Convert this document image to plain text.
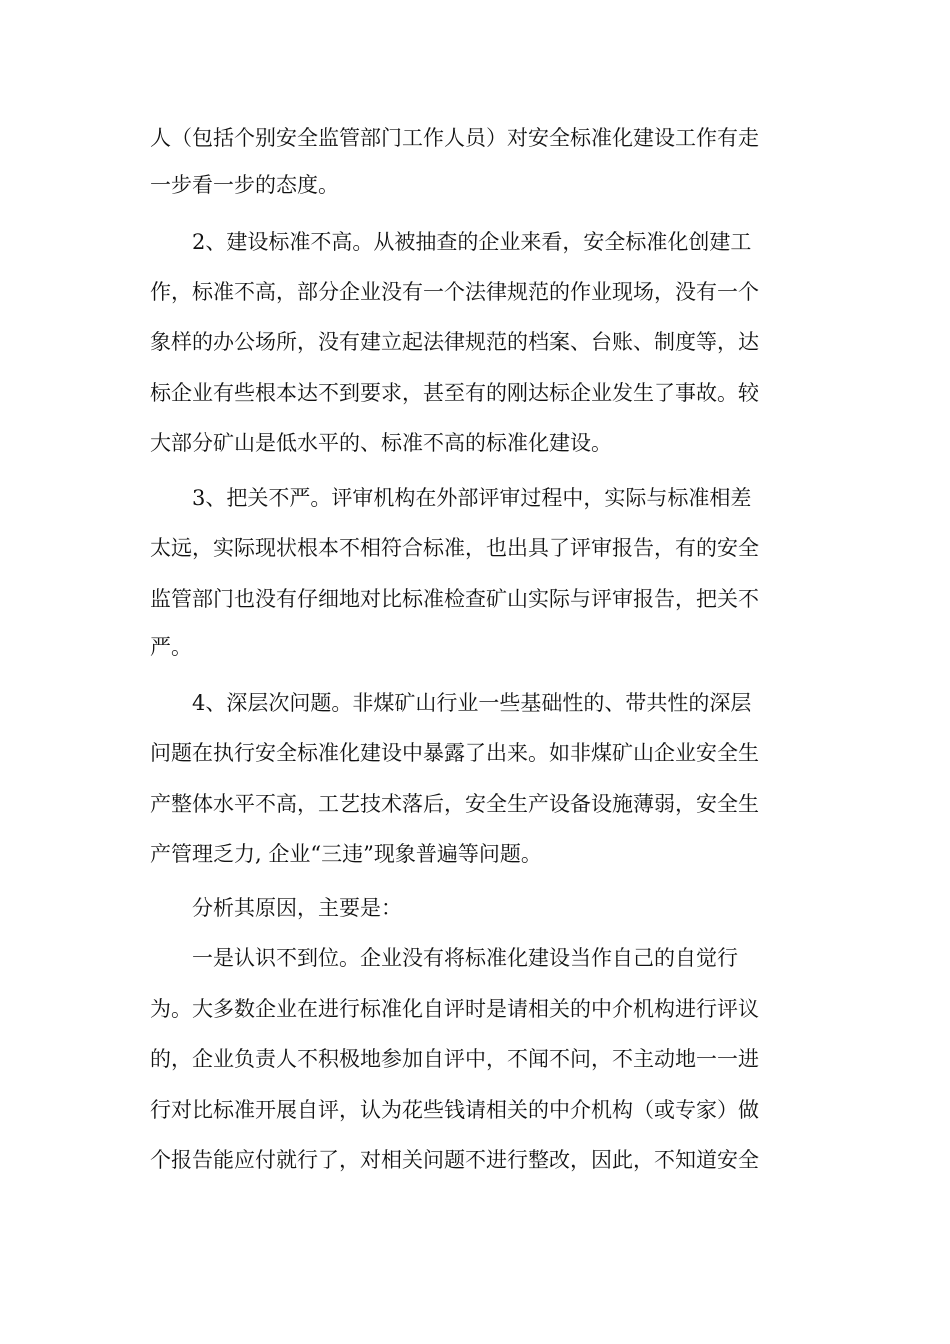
人（包括个别安全监管部门工作人员）对安全标准化建设工作有走
一步看一步的态度。
2、建设标准不高。从被抽查的企业来看，安全标准化创建工
作，标准不高，部分企业没有一个法律规范的作业现场，没有一个
象样的办公场所，没有建立起法律规范的档案、台账、制度等，达
标企业有些根本达不到要求，甚至有的刚达标企业发生了事故。较
大部分矿山是低水平的、标准不高的标准化建设。
3、把关不严。评审机构在外部评审过程中，实际与标准相差
太远，实际现状根本不相符合标准，也出具了评审报告，有的安全
监管部门也没有仔细地对比标准检查矿山实际与评审报告，把关不
严。
4、深层次问题。非煤矿山行业一些基础性的、带共性的深层
问题在执行安全标准化建设中暴露了出来。如非煤矿山企业安全生
产整体水平不高，工艺技术落后，安全生产设备设施薄弱，安全生
产管理乏力, 企业“三违”现象普遍等问题。
分析其原因，主要是：
一是认识不到位。企业没有将标准化建设当作自己的自觉行
为。大多数企业在进行标准化自评时是请相关的中介机构进行评议
的，企业负责人不积极地参加自评中，不闻不问，不主动地一一进
行对比标准开展自评，认为花些钱请相关的中介机构（或专家）做
个报告能应付就行了，对相关问题不进行整改，因此，不知道安全
